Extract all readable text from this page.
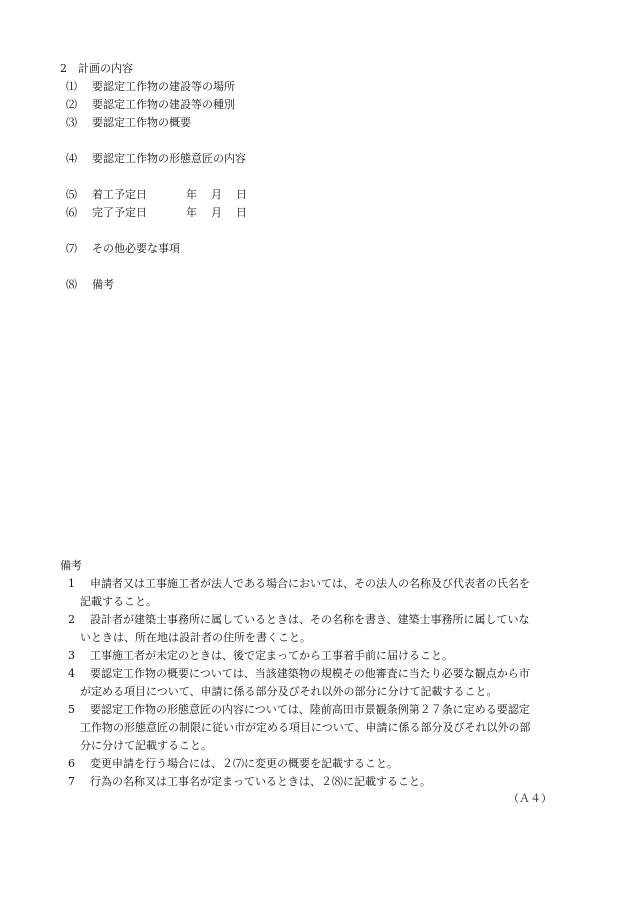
2　計画の内容
⑴	要認定工作物の建設等の場所
⑵	要認定工作物の建設等の種別
⑶	要認定工作物の概要
⑷	要認定工作物の形態意匠の内容
⑸	着工予定日	年 月 日
⑹	完了予定日	年 月 日
⑺	その他必要な事項
⑻	備考
備考
1	申請者又は工事施工者が法人である場合においては、その法人の名称及び代表者の氏名を
記載すること。
2	設計者が建築士事務所に属しているときは、その名称を書き、建築士事務所に属していな
いときは、所在地は設計者の住所を書くこと。
3	工事施工者が未定のときは、後で定まってから工事着手前に届けること。
4	要認定工作物の概要については、当該建築物の規模その他審査に当たり必要な観点から市
が定める項目について、申請に係る部分及びそれ以外の部分に分けて記載すること。
5	要認定工作物の形態意匠の内容については、陸前高田市景観条例第２７条に定める要認定
工作物の形態意匠の制限に従い市が定める項目について、申請に係る部分及びそれ以外の部
分に分けて記載すること。
6	変更申請を行う場合には、２⑺に変更の概要を記載すること。
7	行為の名称又は工事名が定まっているときは、２⑻に記載すること。
（Ａ４）
